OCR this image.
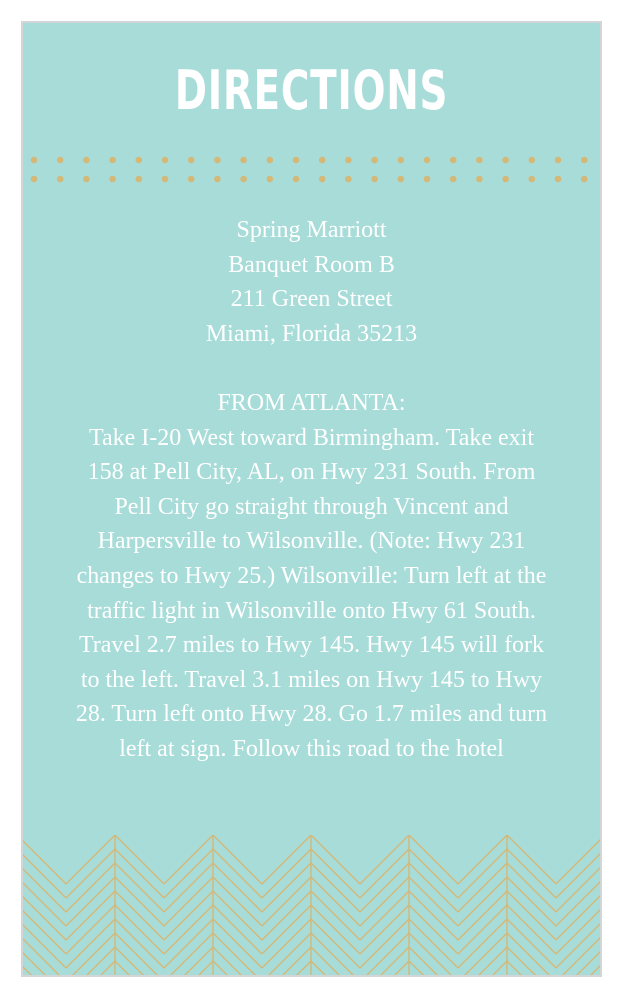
DIRECTIONS

Spring Marriott

Banquet Room B

211 Green Street

Miami, Florida 35213

FROM ATLANTA:

Take I-20 West toward Birmingham. Take exit 158 at Pell City, AL, on Hwy 231 South. From Pell City go straight through Vincent and Harpersville to Wilsonville. (Note: Hwy 231 changes to Hwy 25.) Wilsonville: Turn left at the traffic light in Wilsonville onto Hwy 61 South. Travel 2.7 miles to Hwy 145. Hwy 145 will fork to the left. Travel 3.1 miles on Hwy 145 to Hwy 28. Turn left onto Hwy 28. Go 1.7 miles and turn left at sign. Follow this road to the hotel
